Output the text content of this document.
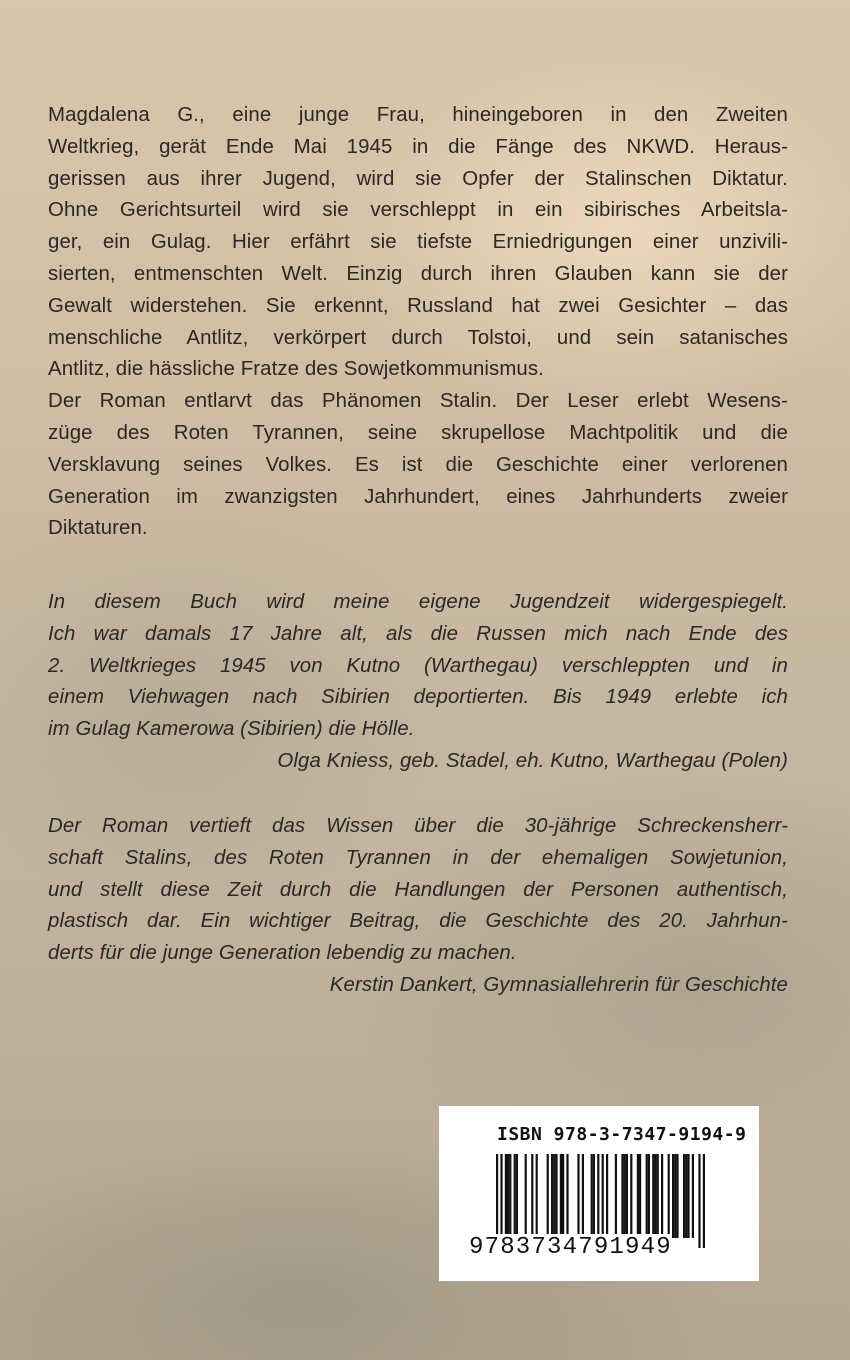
Magdalena G., eine junge Frau, hineingeboren in den Zweiten
Weltkrieg, gerät Ende Mai 1945 in die Fänge des NKWD. Heraus-
gerissen aus ihrer Jugend, wird sie Opfer der Stalinschen Diktatur.
Ohne Gerichtsurteil wird sie verschleppt in ein sibirisches Arbeitsla-
ger, ein Gulag. Hier erfährt sie tiefste Erniedrigungen einer unzivili-
sierten, entmenschten Welt. Einzig durch ihren Glauben kann sie der
Gewalt widerstehen. Sie erkennt, Russland hat zwei Gesichter – das
menschliche Antlitz, verkörpert durch Tolstoi, und sein satanisches
Antlitz, die hässliche Fratze des Sowjetkommunismus.
Der Roman entlarvt das Phänomen Stalin. Der Leser erlebt Wesens-
züge des Roten Tyrannen, seine skrupellose Machtpolitik und die
Versklavung seines Volkes. Es ist die Geschichte einer verlorenen
Generation im zwanzigsten Jahrhundert, eines Jahrhunderts zweier
Diktaturen.
In diesem Buch wird meine eigene Jugendzeit widergespiegelt.
Ich war damals 17 Jahre alt, als die Russen mich nach Ende des
2. Weltkrieges 1945 von Kutno (Warthegau) verschleppten und in
einem Viehwagen nach Sibirien deportierten. Bis 1949 erlebte ich
im Gulag Kamerowa (Sibirien) die Hölle.

Olga Kniess, geb. Stadel, eh. Kutno, Warthegau (Polen)

Der Roman vertieft das Wissen über die 30-jährige Schreckensherr-
schaft Stalins, des Roten Tyrannen in der ehemaligen Sowjetunion,
und stellt diese Zeit durch die Handlungen der Personen authentisch,
plastisch dar. Ein wichtiger Beitrag, die Geschichte des 20. Jahrhun-
derts für die junge Generation lebendig zu machen.

Kerstin Dankert, Gymnasiallehrerin für Geschichte

ISBN 978-3-7347-9194-9
9783734791949
